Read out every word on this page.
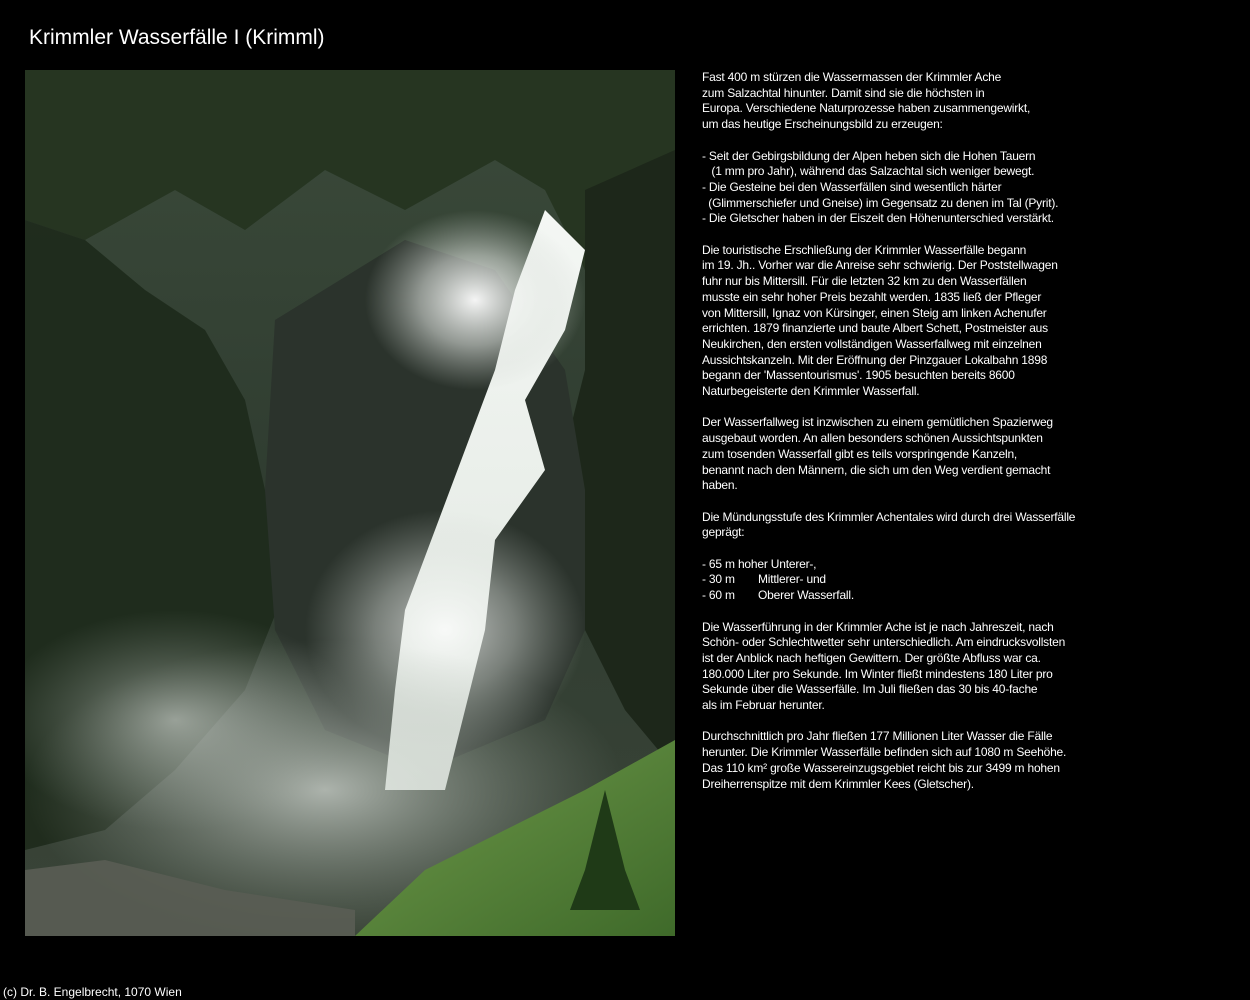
Krimmler Wasserfälle I (Krimml)

Fast 400 m stürzen die Wassermassen der Krimmler Ache
zum Salzachtal hinunter. Damit sind sie die höchsten in
Europa. Verschiedene Naturprozesse haben zusammengewirkt,
um das heutige Erscheinungsbild zu erzeugen:

- Seit der Gebirgsbildung der Alpen heben sich die Hohen Tauern
(1 mm pro Jahr), während das Salzachtal sich weniger bewegt.
- Die Gesteine bei den Wasserfällen sind wesentlich härter
(Glimmerschiefer und Gneise) im Gegensatz zu denen im Tal (Pyrit).
- Die Gletscher haben in der Eiszeit den Höhenunterschied verstärkt.

Die touristische Erschließung der Krimmler Wasserfälle begann
im 19. Jh.. Vorher war die Anreise sehr schwierig. Der Poststellwagen
fuhr nur bis Mittersill. Für die letzten 32 km zu den Wasserfällen
musste ein sehr hoher Preis bezahlt werden. 1835 ließ der Pfleger
von Mittersill, Ignaz von Kürsinger, einen Steig am linken Achenufer
errichten. 1879 finanzierte und baute Albert Schett, Postmeister aus
Neukirchen, den ersten vollständigen Wasserfallweg mit einzelnen
Aussichtskanzeln. Mit der Eröffnung der Pinzgauer Lokalbahn 1898
begann der 'Massentourismus'. 1905 besuchten bereits 8600
Naturbegeisterte den Krimmler Wasserfall.

Der Wasserfallweg ist inzwischen zu einem gemütlichen Spazierweg
ausgebaut worden. An allen besonders schönen Aussichtspunkten
zum tosenden Wasserfall gibt es teils vorspringende Kanzeln,
benannt nach den Männern, die sich um den Weg verdient gemacht
haben.

Die Mündungsstufe des Krimmler Achentales wird durch drei Wasserfälle
geprägt:

- 65 m hoher Unterer-,
- 30 m Mittlerer- und
- 60 m Oberer Wasserfall.

Die Wasserführung in der Krimmler Ache ist je nach Jahreszeit, nach
Schön- oder Schlechtwetter sehr unterschiedlich. Am eindrucksvollsten
ist der Anblick nach heftigen Gewittern. Der größte Abfluss war ca.
180.000 Liter pro Sekunde. Im Winter fließt mindestens 180 Liter pro
Sekunde über die Wasserfälle. Im Juli fließen das 30 bis 40-fache
als im Februar herunter.

Durchschnittlich pro Jahr fließen 177 Millionen Liter Wasser die Fälle
herunter. Die Krimmler Wasserfälle befinden sich auf 1080 m Seehöhe.
Das 110 km² große Wassereinzugsgebiet reicht bis zur 3499 m hohen
Dreiherrenspitze mit dem Krimmler Kees (Gletscher).

(c) Dr. B. Engelbrecht, 1070 Wien
